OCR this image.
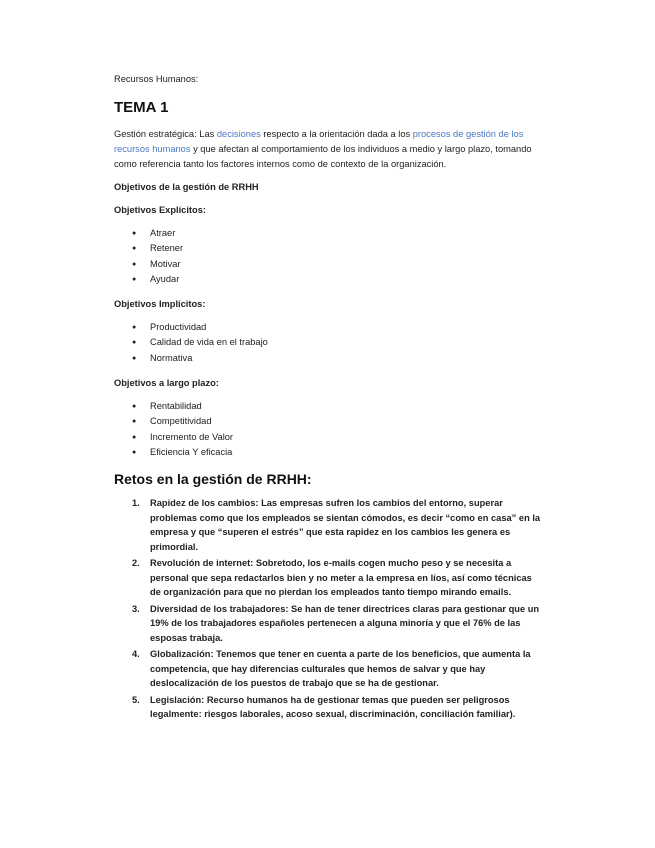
Recursos Humanos:

TEMA 1

Gestión estratégica: Las decisiones respecto a la orientación dada a los procesos de gestión de los recursos humanos y que afectan al comportamiento de los individuos a medio y largo plazo, tomando como referencia tanto los factores internos como de contexto de la organización.

Objetivos de la gestión de RRHH

Objetivos Explícitos:

● Atraer
● Retener
● Motivar
● Ayudar

Objetivos Implícitos:

● Productividad
● Calidad de vida en el trabajo
● Normativa

Objetivos a largo plazo:

● Rentabilidad
● Competitividad
● Incremento de Valor
● Eficiencia Y eficacia
Retos en la gestión de RRHH:
1. Rapidez de los cambios: Las empresas sufren los cambios del entorno, superar problemas como que los empleados se sientan cómodos, es decir “como en casa” en la empresa y que “superen el estrés” que esta rapidez en los cambios les genera es primordial.
2. Revolución de internet: Sobretodo, los e-mails cogen mucho peso y se necesita a personal que sepa redactarlos bien y no meter a la empresa en líos, así como técnicas de organización para que no pierdan los empleados tanto tiempo mirando emails.
3. Diversidad de los trabajadores: Se han de tener directrices claras para gestionar que un 19% de los trabajadores españoles pertenecen a alguna minoría y que el 76% de las esposas trabaja.
4. Globalización: Tenemos que tener en cuenta a parte de los beneficios, que aumenta la competencia, que hay diferencias culturales que hemos de salvar y que hay deslocalización de los puestos de trabajo que se ha de gestionar.
5. Legislación: Recurso humanos ha de gestionar temas que pueden ser peligrosos legalmente: riesgos laborales, acoso sexual, discriminación, conciliación familiar).
